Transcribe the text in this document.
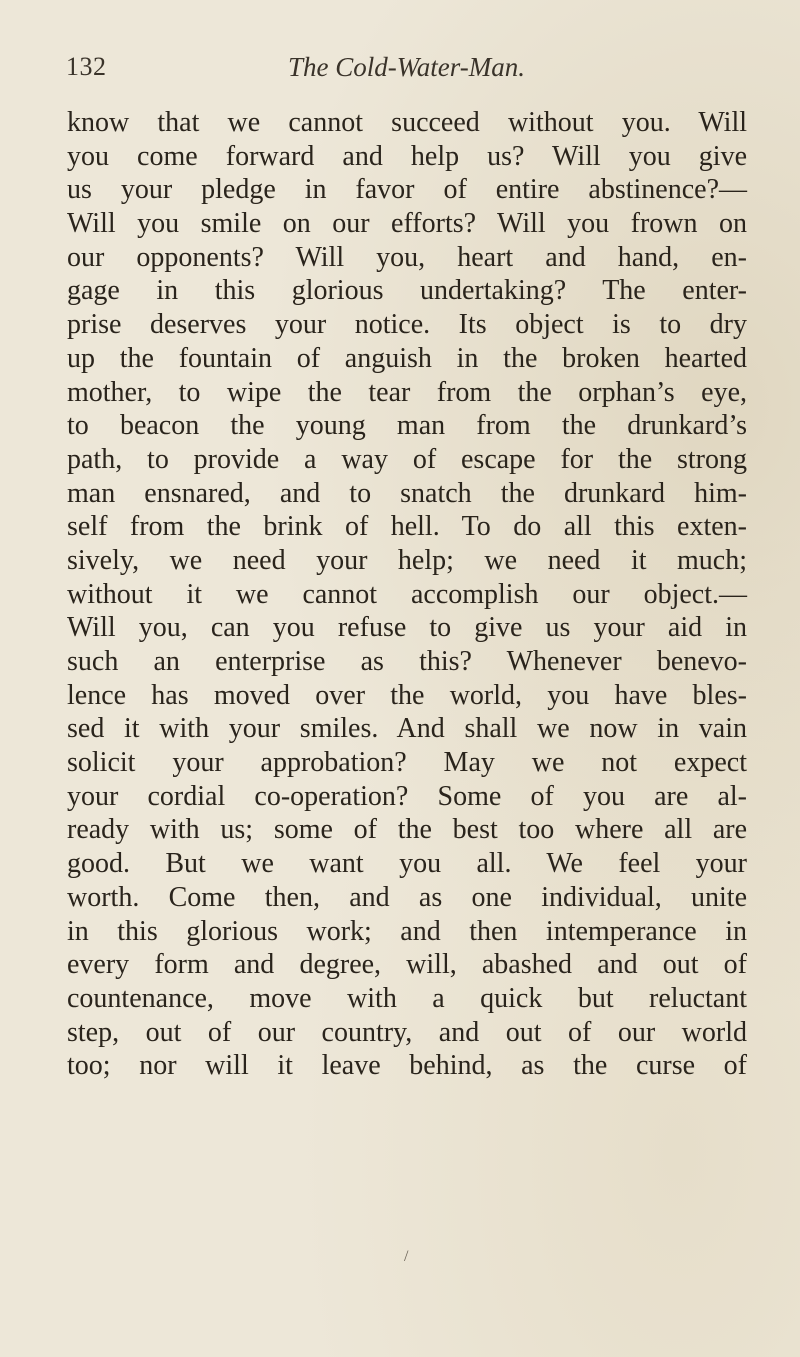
132	The Cold-Water-Man.
know that we cannot succeed without you. Will
you come forward and help us? Will you give
us your pledge in favor of entire abstinence?—
Will you smile on our efforts? Will you frown on
our opponents? Will you, heart and hand, en-
gage in this glorious undertaking? The enter-
prise deserves your notice. Its object is to dry
up the fountain of anguish in the broken hearted
mother, to wipe the tear from the orphan’s eye,
to beacon the young man from the drunkard’s
path, to provide a way of escape for the strong
man ensnared, and to snatch the drunkard him-
self from the brink of hell. To do all this exten-
sively, we need your help; we need it much;
without it we cannot accomplish our object.—
Will you, can you refuse to give us your aid in
such an enterprise as this? Whenever benevo-
lence has moved over the world, you have bles-
sed it with your smiles. And shall we now in vain
solicit your approbation? May we not expect
your cordial co-operation? Some of you are al-
ready with us; some of the best too where all are
good. But we want you all. We feel your
worth. Come then, and as one individual, unite
in this glorious work; and then intemperance in
every form and degree, will, abashed and out of
countenance, move with a quick but reluctant
step, out of our country, and out of our world
too; nor will it leave behind, as the curse of
/
